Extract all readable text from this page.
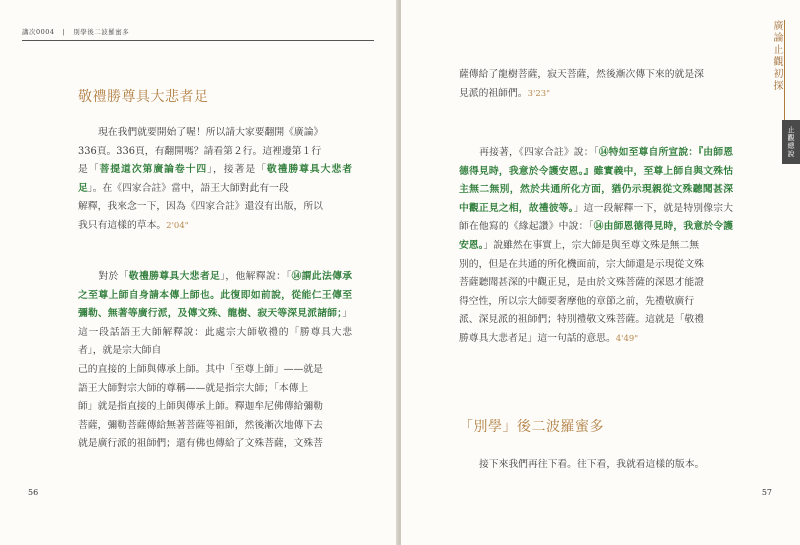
講次0004 | 別學後二波羅蜜多
敬禮勝尊具大悲者足
現在我們就要開始了喔！所以請大家要翻開《廣論》
336頁。336頁，有翻開嗎？請看第２行。這裡邊第１行
是「菩提道次第廣論卷十四」，接著是「敬禮勝尊具大悲者足」。在《四家合註》當中，語王大師對此有一段
解釋，我來念一下，因為《四家合註》還沒有出版，所以
我只有這樣的草本。2'04"
對於「敬禮勝尊具大悲者足」，他解釋說：「⑭謂此法傳承之至尊上師自身請本傳上師也。此復即如前說，從能仁王傳至彌勒、無著等廣行派，及傳文殊、龍樹、寂天等深見派諸師；」這一段話語王大師解釋說：此處宗大師敬禮的「勝尊具大悲者」，就是宗大師自
己的直接的上師與傳承上師。其中「至尊上師」——就是
語王大師對宗大師的尊稱——就是指宗大師；「本傳上
師」就是指直接的上師與傳承上師。釋迦牟尼佛傳給彌勒
菩薩，彌勒菩薩傳給無著菩薩等祖師，然後漸次地傳下去
就是廣行派的祖師們；還有佛也傳給了文殊菩薩，文殊菩
56
廣論止觀初探
止觀總說
薩傳給了龍樹菩薩，寂天菩薩，然後漸次傳下來的就是深
見派的祖師們。3'23"
再接著，《四家合註》說：「⑭特如至尊自所宣說：『由師恩德得見時，我意於令護安恩。』雖實義中，至尊上師自與文殊怙主無二無別，然於共通所化方面，猶仍示現親從文殊聽聞甚深中觀正見之相，故禮彼等。」這一段解釋一下，就是特別像宗大師在他寫的《緣起讚》中說：「⑭由師恩德得見時，我意於令護安恩。」說雖然在事實上，宗大師是與至尊文殊是無二無
別的，但是在共通的所化機面前，宗大師還是示現從文殊
菩薩聽聞甚深的中觀正見，是由於文殊菩薩的深恩才能證
得空性，所以宗大師要奢摩他的章節之前，先禮敬廣行
派、深見派的祖師們；特別禮敬文殊菩薩。這就是「敬禮
勝尊具大悲者足」這一句話的意思。4'49"
「別學」後二波羅蜜多
接下來我們再往下看。往下看，我就看這樣的版本。
57
